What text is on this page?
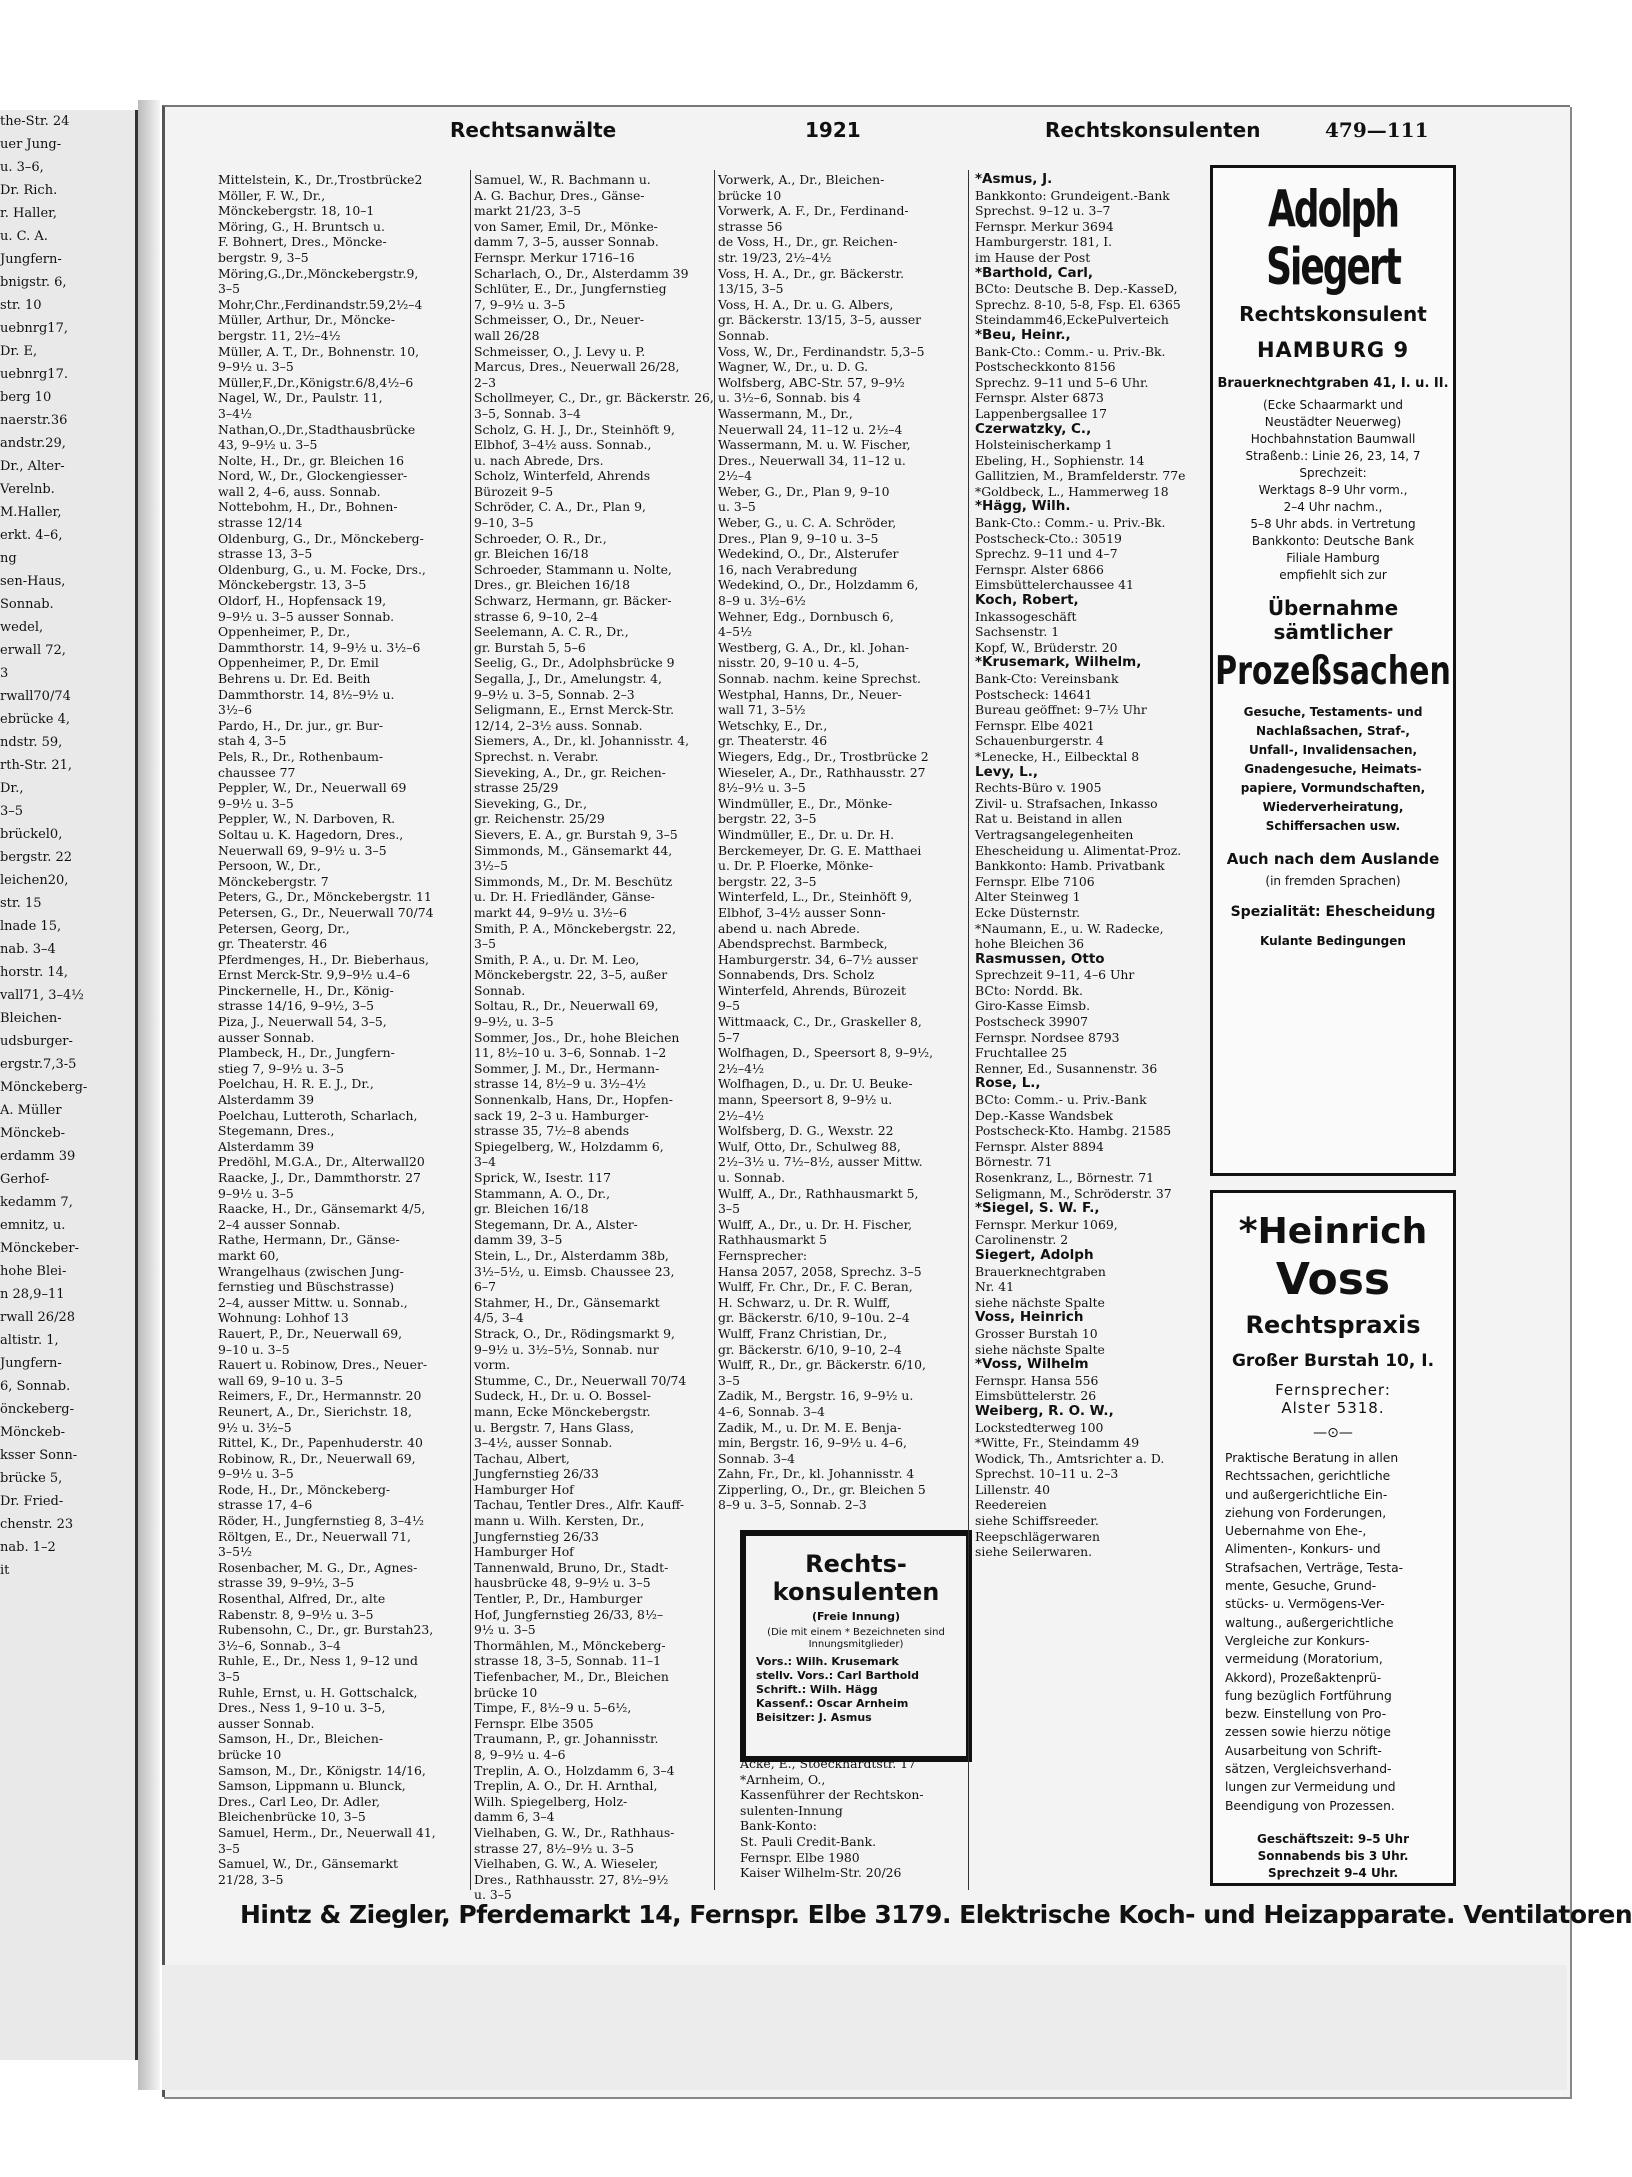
the-Str. 24
uer Jung-
u. 3–6,
Dr. Rich.
r. Haller,
u. C. A.
Jungfern-
bnigstr. 6,
str. 10
uebnrg17,
Dr. E,
uebnrg17.
berg 10
naerstr.36
andstr.29,
Dr., Alter-
Verelnb.
M.Haller,
erkt. 4–6,
ng
sen-Haus,
Sonnab.
wedel,
erwall 72,
3
rwall70/74
ebrücke 4,
ndstr. 59,
rth-Str. 21,
Dr.,
3–5
brückel0,
bergstr. 22
leichen20,
str. 15
lnade 15,
nab. 3–4
horstr. 14,
vall71, 3–4½
Bleichen-
udsburger-
ergstr.7,3-5
Mönckeberg-
A. Müller
Mönckeb-
erdamm 39
Gerhof-
kedamm 7,
emnitz, u.
Mönckeber-
hohe Blei-
n 28,9–11
rwall 26/28
altistr. 1,
Jungfern-
6, Sonnab.
önckeberg-
Mönckeb-
ksser Sonn-
brücke 5,
Dr. Fried-
chenstr. 23
nab. 1–2
it
Rechtsanwälte	1921	Rechtskonsulenten	479—111
Mittelstein, K., Dr.,Trostbrücke2
Möller, F. W., Dr.,
Mönckebergstr. 18, 10–1
Möring, G., H. Bruntsch u.
F. Bohnert, Dres., Möncke-
bergstr. 9, 3–5
Möring,G.,Dr.,Mönckebergstr.9,
3–5
Mohr,Chr.,Ferdinandstr.59,2½–4
Müller, Arthur, Dr., Möncke-
bergstr. 11, 2½–4½
Müller, A. T., Dr., Bohnenstr. 10,
9–9½ u. 3–5
Müller,F.,Dr.,Königstr.6/8,4½–6
Nagel, W., Dr., Paulstr. 11,
3–4½
Nathan,O.,Dr.,Stadthausbrücke
43, 9–9½ u. 3–5
Nolte, H., Dr., gr. Bleichen 16
Nord, W., Dr., Glockengiesser-
wall 2, 4–6, auss. Sonnab.
Nottebohm, H., Dr., Bohnen-
strasse 12/14
Oldenburg, G., Dr., Mönckeberg-
strasse 13, 3–5
Oldenburg, G., u. M. Focke, Drs.,
Mönckebergstr. 13, 3–5
Oldorf, H., Hopfensack 19,
9–9½ u. 3–5 ausser Sonnab.
Oppenheimer, P., Dr.,
Dammthorstr. 14, 9–9½ u. 3½–6
Oppenheimer, P., Dr. Emil
Behrens u. Dr. Ed. Beith
Dammthorstr. 14, 8½–9½ u.
3½–6
Pardo, H., Dr. jur., gr. Bur-
stah 4, 3–5
Pels, R., Dr., Rothenbaum-
chaussee 77
Peppler, W., Dr., Neuerwall 69
9–9½ u. 3–5
Peppler, W., N. Darboven, R.
Soltau u. K. Hagedorn, Dres.,
Neuerwall 69, 9–9½ u. 3–5
Persoon, W., Dr.,
Mönckebergstr. 7
Peters, G., Dr., Mönckebergstr. 11
Petersen, G., Dr., Neuerwall 70/74
Petersen, Georg, Dr.,
gr. Theaterstr. 46
Pferdmenges, H., Dr. Bieberhaus,
Ernst Merck-Str. 9,9–9½ u.4–6
Pinckernelle, H., Dr., König-
strasse 14/16, 9–9½, 3–5
Piza, J., Neuerwall 54, 3–5,
ausser Sonnab.
Plambeck, H., Dr., Jungfern-
stieg 7, 9–9½ u. 3–5
Poelchau, H. R. E. J., Dr.,
Alsterdamm 39
Poelchau, Lutteroth, Scharlach,
Stegemann, Dres.,
Alsterdamm 39
Predöhl, M.G.A., Dr., Alterwall20
Raacke, J., Dr., Dammthorstr. 27
9–9½ u. 3–5
Raacke, H., Dr., Gänsemarkt 4/5,
2–4 ausser Sonnab.
Rathe, Hermann, Dr., Gänse-
markt 60,
Wrangelhaus (zwischen Jung-
fernstieg und Büschstrasse)
2–4, ausser Mittw. u. Sonnab.,
Wohnung: Lohhof 13
Rauert, P., Dr., Neuerwall 69,
9–10 u. 3–5
Rauert u. Robinow, Dres., Neuer-
wall 69, 9–10 u. 3–5
Reimers, F., Dr., Hermannstr. 20
Reunert, A., Dr., Sierichstr. 18,
9½ u. 3½–5
Rittel, K., Dr., Papenhuderstr. 40
Robinow, R., Dr., Neuerwall 69,
9–9½ u. 3–5
Rode, H., Dr., Mönckeberg-
strasse 17, 4–6
Röder, H., Jungfernstieg 8, 3–4½
Röltgen, E., Dr., Neuerwall 71,
3–5½
Rosenbacher, M. G., Dr., Agnes-
strasse 39, 9–9½, 3–5
Rosenthal, Alfred, Dr., alte
Rabenstr. 8, 9–9½ u. 3–5
Rubensohn, C., Dr., gr. Burstah23,
3½–6, Sonnab., 3–4
Ruhle, E., Dr., Ness 1, 9–12 und
3–5
Ruhle, Ernst, u. H. Gottschalck,
Dres., Ness 1, 9–10 u. 3–5,
ausser Sonnab.
Samson, H., Dr., Bleichen-
brücke 10
Samson, M., Dr., Königstr. 14/16,
Samson, Lippmann u. Blunck,
Dres., Carl Leo, Dr. Adler,
Bleichenbrücke 10, 3–5
Samuel, Herm., Dr., Neuerwall 41,
3–5
Samuel, W., Dr., Gänsemarkt
21/28, 3–5
Samuel, W., R. Bachmann u.
A. G. Bachur, Dres., Gänse-
markt 21/23, 3–5
von Samer, Emil, Dr., Mönke-
damm 7, 3–5, ausser Sonnab.
Fernspr. Merkur 1716–16
Scharlach, O., Dr., Alsterdamm 39
Schlüter, E., Dr., Jungfernstieg
7, 9–9½ u. 3–5
Schmeisser, O., Dr., Neuer-
wall 26/28
Schmeisser, O., J. Levy u. P.
Marcus, Dres., Neuerwall 26/28,
2–3
Schollmeyer, C., Dr., gr. Bäckerstr. 26,
3–5, Sonnab. 3–4
Scholz, G. H. J., Dr., Steinhöft 9,
Elbhof, 3–4½ auss. Sonnab.,
u. nach Abrede, Drs.
Scholz, Winterfeld, Ahrends
Bürozeit 9–5
Schröder, C. A., Dr., Plan 9,
9–10, 3–5
Schroeder, O. R., Dr.,
gr. Bleichen 16/18
Schroeder, Stammann u. Nolte,
Dres., gr. Bleichen 16/18
Schwarz, Hermann, gr. Bäcker-
strasse 6, 9–10, 2–4
Seelemann, A. C. R., Dr.,
gr. Burstah 5, 5–6
Seelig, G., Dr., Adolphsbrücke 9
Segalla, J., Dr., Amelungstr. 4,
9–9½ u. 3–5, Sonnab. 2–3
Seligmann, E., Ernst Merck-Str.
12/14, 2–3½ auss. Sonnab.
Siemers, A., Dr., kl. Johannisstr. 4,
Sprechst. n. Verabr.
Sieveking, A., Dr., gr. Reichen-
strasse 25/29
Sieveking, G., Dr.,
gr. Reichenstr. 25/29
Sievers, E. A., gr. Burstah 9, 3–5
Simmonds, M., Gänsemarkt 44,
3½–5
Simmonds, M., Dr. M. Beschütz
u. Dr. H. Friedländer, Gänse-
markt 44, 9–9½ u. 3½–6
Smith, P. A., Mönckebergstr. 22,
3–5
Smith, P. A., u. Dr. M. Leo,
Mönckebergstr. 22, 3–5, außer
Sonnab.
Soltau, R., Dr., Neuerwall 69,
9–9½, u. 3–5
Sommer, Jos., Dr., hohe Bleichen
11, 8½–10 u. 3–6, Sonnab. 1–2
Sommer, J. M., Dr., Hermann-
strasse 14, 8½–9 u. 3½–4½
Sonnenkalb, Hans, Dr., Hopfen-
sack 19, 2–3 u. Hamburger-
strasse 35, 7½–8 abends
Spiegelberg, W., Holzdamm 6,
3–4
Sprick, W., Isestr. 117
Stammann, A. O., Dr.,
gr. Bleichen 16/18
Stegemann, Dr. A., Alster-
damm 39, 3–5
Stein, L., Dr., Alsterdamm 38b,
3½–5½, u. Eimsb. Chaussee 23,
6–7
Stahmer, H., Dr., Gänsemarkt
4/5, 3–4
Strack, O., Dr., Rödingsmarkt 9,
9–9½ u. 3½–5½, Sonnab. nur
vorm.
Stumme, C., Dr., Neuerwall 70/74
Sudeck, H., Dr. u. O. Bossel-
mann, Ecke Mönckebergstr.
u. Bergstr. 7, Hans Glass,
3–4½, ausser Sonnab.
Tachau, Albert,
Jungfernstieg 26/33
Hamburger Hof
Tachau, Tentler Dres., Alfr. Kauff-
mann u. Wilh. Kersten, Dr.,
Jungfernstieg 26/33
Hamburger Hof
Tannenwald, Bruno, Dr., Stadt-
hausbrücke 48, 9–9½ u. 3–5
Tentler, P., Dr., Hamburger
Hof, Jungfernstieg 26/33, 8½–
9½ u. 3–5
Thormählen, M., Mönckeberg-
strasse 18, 3–5, Sonnab. 11–1
Tiefenbacher, M., Dr., Bleichen
brücke 10
Timpe, F., 8½–9 u. 5–6½,
Fernspr. Elbe 3505
Traumann, P., gr. Johannisstr.
8, 9–9½ u. 4–6
Treplin, A. O., Holzdamm 6, 3–4
Treplin, A. O., Dr. H. Arnthal,
Wilh. Spiegelberg, Holz-
damm 6, 3–4
Vielhaben, G. W., Dr., Rathhaus-
strasse 27, 8½–9½ u. 3–5
Vielhaben, G. W., A. Wieseler,
Dres., Rathhausstr. 27, 8½–9½
u. 3–5
Vorwerk, A., Dr., Bleichen-
brücke 10
Vorwerk, A. F., Dr., Ferdinand-
strasse 56
de Voss, H., Dr., gr. Reichen-
str. 19/23, 2½–4½
Voss, H. A., Dr., gr. Bäckerstr.
13/15, 3–5
Voss, H. A., Dr. u. G. Albers,
gr. Bäckerstr. 13/15, 3–5, ausser
Sonnab.
Voss, W., Dr., Ferdinandstr. 5,3–5
Wagner, W., Dr., u. D. G.
Wolfsberg, ABC-Str. 57, 9–9½
u. 3½–6, Sonnab. bis 4
Wassermann, M., Dr.,
Neuerwall 24, 11–12 u. 2½–4
Wassermann, M. u. W. Fischer,
Dres., Neuerwall 34, 11–12 u.
2½–4
Weber, G., Dr., Plan 9, 9–10
u. 3–5
Weber, G., u. C. A. Schröder,
Dres., Plan 9, 9–10 u. 3–5
Wedekind, O., Dr., Alsterufer
16, nach Verabredung
Wedekind, O., Dr., Holzdamm 6,
8–9 u. 3½–6½
Wehner, Edg., Dornbusch 6,
4–5½
Westberg, G. A., Dr., kl. Johan-
nisstr. 20, 9–10 u. 4–5,
Sonnab. nachm. keine Sprechst.
Westphal, Hanns, Dr., Neuer-
wall 71, 3–5½
Wetschky, E., Dr.,
gr. Theaterstr. 46
Wiegers, Edg., Dr., Trostbrücke 2
Wieseler, A., Dr., Rathhausstr. 27
8½–9½ u. 3–5
Windmüller, E., Dr., Mönke-
bergstr. 22, 3–5
Windmüller, E., Dr. u. Dr. H.
Berckemeyer, Dr. G. E. Matthaei
u. Dr. P. Floerke, Mönke-
bergstr. 22, 3–5
Winterfeld, L., Dr., Steinhöft 9,
Elbhof, 3–4½ ausser Sonn-
abend u. nach Abrede.
Abendsprechst. Barmbeck,
Hamburgerstr. 34, 6–7½ ausser
Sonnabends, Drs. Scholz
Winterfeld, Ahrends, Bürozeit
9–5
Wittmaack, C., Dr., Graskeller 8,
5–7
Wolfhagen, D., Speersort 8, 9–9½,
2½–4½
Wolfhagen, D., u. Dr. U. Beuke-
mann, Speersort 8, 9–9½ u.
2½–4½
Wolfsberg, D. G., Wexstr. 22
Wulf, Otto, Dr., Schulweg 88,
2½–3½ u. 7½–8½, ausser Mittw.
u. Sonnab.
Wulff, A., Dr., Rathhausmarkt 5,
3–5
Wulff, A., Dr., u. Dr. H. Fischer,
Rathhausmarkt 5
Fernsprecher:
Hansa 2057, 2058, Sprechz. 3–5
Wulff, Fr. Chr., Dr., F. C. Beran,
H. Schwarz, u. Dr. R. Wulff,
gr. Bäckerstr. 6/10, 9–10u. 2–4
Wulff, Franz Christian, Dr.,
gr. Bäckerstr. 6/10, 9–10, 2–4
Wulff, R., Dr., gr. Bäckerstr. 6/10,
3–5
Zadik, M., Bergstr. 16, 9–9½ u.
4–6, Sonnab. 3–4
Zadik, M., u. Dr. M. E. Benja-
min, Bergstr. 16, 9–9½ u. 4–6,
Sonnab. 3–4
Zahn, Fr., Dr., kl. Johannisstr. 4
Zipperling, O., Dr., gr. Bleichen 5
8–9 u. 3–5, Sonnab. 2–3
Rechts-
konsulenten
(Freie Innung)
(Die mit einem * Bezeichneten sind Innungsmitglieder)
Vors.: Wilh. Krusemark
stellv. Vors.: Carl Barthold
Schrift.: Wilh. Hägg
Kassenf.: Oscar Arnheim
Beisitzer: J. Asmus
Acke, E., Stoeckhardtstr. 17
*Arnheim, O.,
Kassenführer der Rechtskon-
sulenten-Innung
Bank-Konto:
St. Pauli Credit-Bank.
Fernspr. Elbe 1980
Kaiser Wilhelm-Str. 20/26
*Asmus, J.
Bankkonto: Grundeigent.-Bank
Sprechst. 9–12 u. 3–7
Fernspr. Merkur 3694
Hamburgerstr. 181, I.
im Hause der Post
*Barthold, Carl,
BCto: Deutsche B. Dep.-KasseD,
Sprechz. 8-10, 5-8, Fsp. El. 6365
Steindamm46,EckePulverteich
*Beu, Heinr.,
Bank-Cto.: Comm.- u. Priv.-Bk.
Postscheckkonto 8156
Sprechz. 9–11 und 5–6 Uhr.
Fernspr. Alster 6873
Lappenbergsallee 17
Czerwatzky, C.,
Holsteinischerkamp 1
Ebeling, H., Sophienstr. 14
Gallitzien, M., Bramfelderstr. 77e
*Goldbeck, L., Hammerweg 18
*Hägg, Wilh.
Bank-Cto.: Comm.- u. Priv.-Bk.
Postscheck-Cto.: 30519
Sprechz. 9–11 und 4–7
Fernspr. Alster 6866
Eimsbüttelerchaussee 41
Koch, Robert,
Inkassogeschäft
Sachsenstr. 1
Kopf, W., Brüderstr. 20
*Krusemark, Wilhelm,
Bank-Cto: Vereinsbank
Postscheck: 14641
Bureau geöffnet: 9–7½ Uhr
Fernspr. Elbe 4021
Schauenburgerstr. 4
*Lenecke, H., Eilbecktal 8
Levy, L.,
Rechts-Büro v. 1905
Zivil- u. Strafsachen, Inkasso
Rat u. Beistand in allen
Vertragsangelegenheiten
Ehescheidung u. Alimentat-Proz.
Bankkonto: Hamb. Privatbank
Fernspr. Elbe 7106
Alter Steinweg 1
Ecke Düsternstr.
*Naumann, E., u. W. Radecke,
hohe Bleichen 36
Rasmussen, Otto
Sprechzeit 9–11, 4–6 Uhr
BCto: Nordd. Bk.
Giro-Kasse Eimsb.
Postscheck 39907
Fernspr. Nordsee 8793
Fruchtallee 25
Renner, Ed., Susannenstr. 36
Rose, L.,
BCto: Comm.- u. Priv.-Bank
Dep.-Kasse Wandsbek
Postscheck-Kto. Hambg. 21585
Fernspr. Alster 8894
Börnestr. 71
Rosenkranz, L., Börnestr. 71
Seligmann, M., Schröderstr. 37
*Siegel, S. W. F.,
Fernspr. Merkur 1069,
Carolinenstr. 2
Siegert, Adolph
Brauerknechtgraben
Nr. 41
siehe nächste Spalte
Voss, Heinrich
Grosser Burstah 10
siehe nächste Spalte
*Voss, Wilhelm
Fernspr. Hansa 556
Eimsbüttelerstr. 26
Weiberg, R. O. W.,
Lockstedterweg 100
*Witte, Fr., Steindamm 49
Wodick, Th., Amtsrichter a. D.
Sprechst. 10–11 u. 2–3
Lillenstr. 40
Reedereien
siehe Schiffsreeder.
Reepschlägerwaren
siehe Seilerwaren.
Adolph Siegert
Rechtskonsulent
HAMBURG 9
Brauerknechtgraben 41, I. u. II.
(Ecke Schaarmarkt und
Neustädter Neuerweg)
Hochbahnstation Baumwall
Straßenb.: Linie 26, 23, 14, 7
Sprechzeit:
Werktags 8–9 Uhr vorm.,
2–4 Uhr nachm.,
5–8 Uhr abds. in Vertretung
Bankkonto: Deutsche Bank
Filiale Hamburg
empfiehlt sich zur
Übernahme sämtlicher
Prozeßsachen
Gesuche, Testaments- und
Nachlaßsachen, Straf-,
Unfall-, Invalidensachen,
Gnadengesuche, Heimats-
papiere, Vormundschaften,
Wiederverheiratung,
Schiffersachen usw.
Auch nach dem Auslande
(in fremden Sprachen)
Spezialität: Ehescheidung
Kulante Bedingungen
*Heinrich
Voss
Rechtspraxis
Großer Burstah 10, I.
Fernsprecher:
Alster 5318.
—⊙—
Praktische Beratung in allen
Rechtssachen, gerichtliche
und außergerichtliche Ein-
ziehung von Forderungen,
Uebernahme von Ehe-,
Alimenten-, Konkurs- und
Strafsachen, Verträge, Testa-
mente, Gesuche, Grund-
stücks- u. Vermögens-Ver-
waltung., außergerichtliche
Vergleiche zur Konkurs-
vermeidung (Moratorium,
Akkord), Prozeßaktenprü-
fung bezüglich Fortführung
bezw. Einstellung von Pro-
zessen sowie hierzu nötige
Ausarbeitung von Schrift-
sätzen, Vergleichsverhand-
lungen zur Vermeidung und
Beendigung von Prozessen.
Geschäftszeit: 9–5 Uhr
Sonnabends bis 3 Uhr.
Sprechzeit 9–4 Uhr.
Hintz & Ziegler, Pferdemarkt 14, Fernspr. Elbe 3179. Elektrische Koch- und Heizapparate. Ventilatoren
